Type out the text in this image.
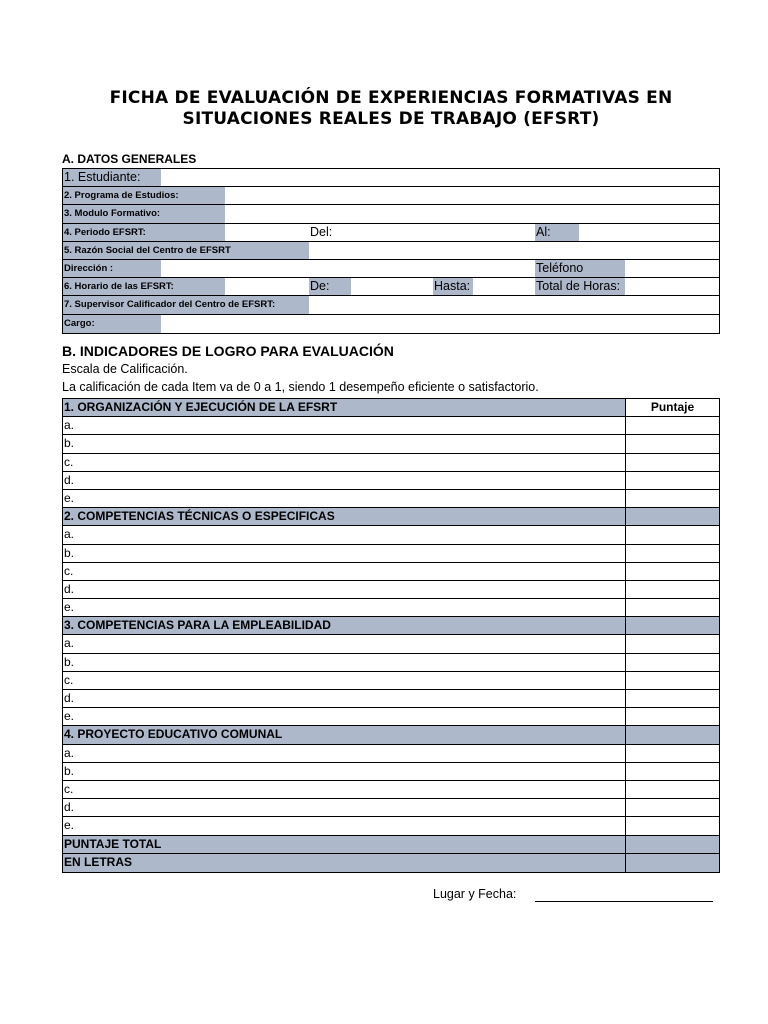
FICHA DE EVALUACIÓN DE EXPERIENCIAS FORMATIVAS EN
SITUACIONES REALES DE TRABAJO (EFSRT)
A. DATOS GENERALES
1. Estudiante:
2. Programa de Estudios:
3. Modulo Formativo:
4. Periodo EFSRT:	Del:	Al:
5. Razón Social del Centro de EFSRT
Dirección :	Teléfono
6. Horario de las EFSRT:	De:	Hasta:	Total de Horas:
7. Supervisor Calificador del Centro de EFSRT:
Cargo:
B. INDICADORES DE LOGRO PARA EVALUACIÓN
Escala de Calificación.
La calificación de cada Item va de 0 a 1, siendo 1 desempeño eficiente o satisfactorio.
1. ORGANIZACIÓN Y EJECUCIÓN DE LA EFSRT	Puntaje
a.
b.
c.
d.
e.
2. COMPETENCIAS TÉCNICAS O ESPECIFICAS
a.
b.
c.
d.
e.
3. COMPETENCIAS PARA LA EMPLEABILIDAD
a.
b.
c.
d.
e.
4. PROYECTO EDUCATIVO COMUNAL
a.
b.
c.
d.
e.
PUNTAJE TOTAL
EN LETRAS
Lugar y Fecha:
